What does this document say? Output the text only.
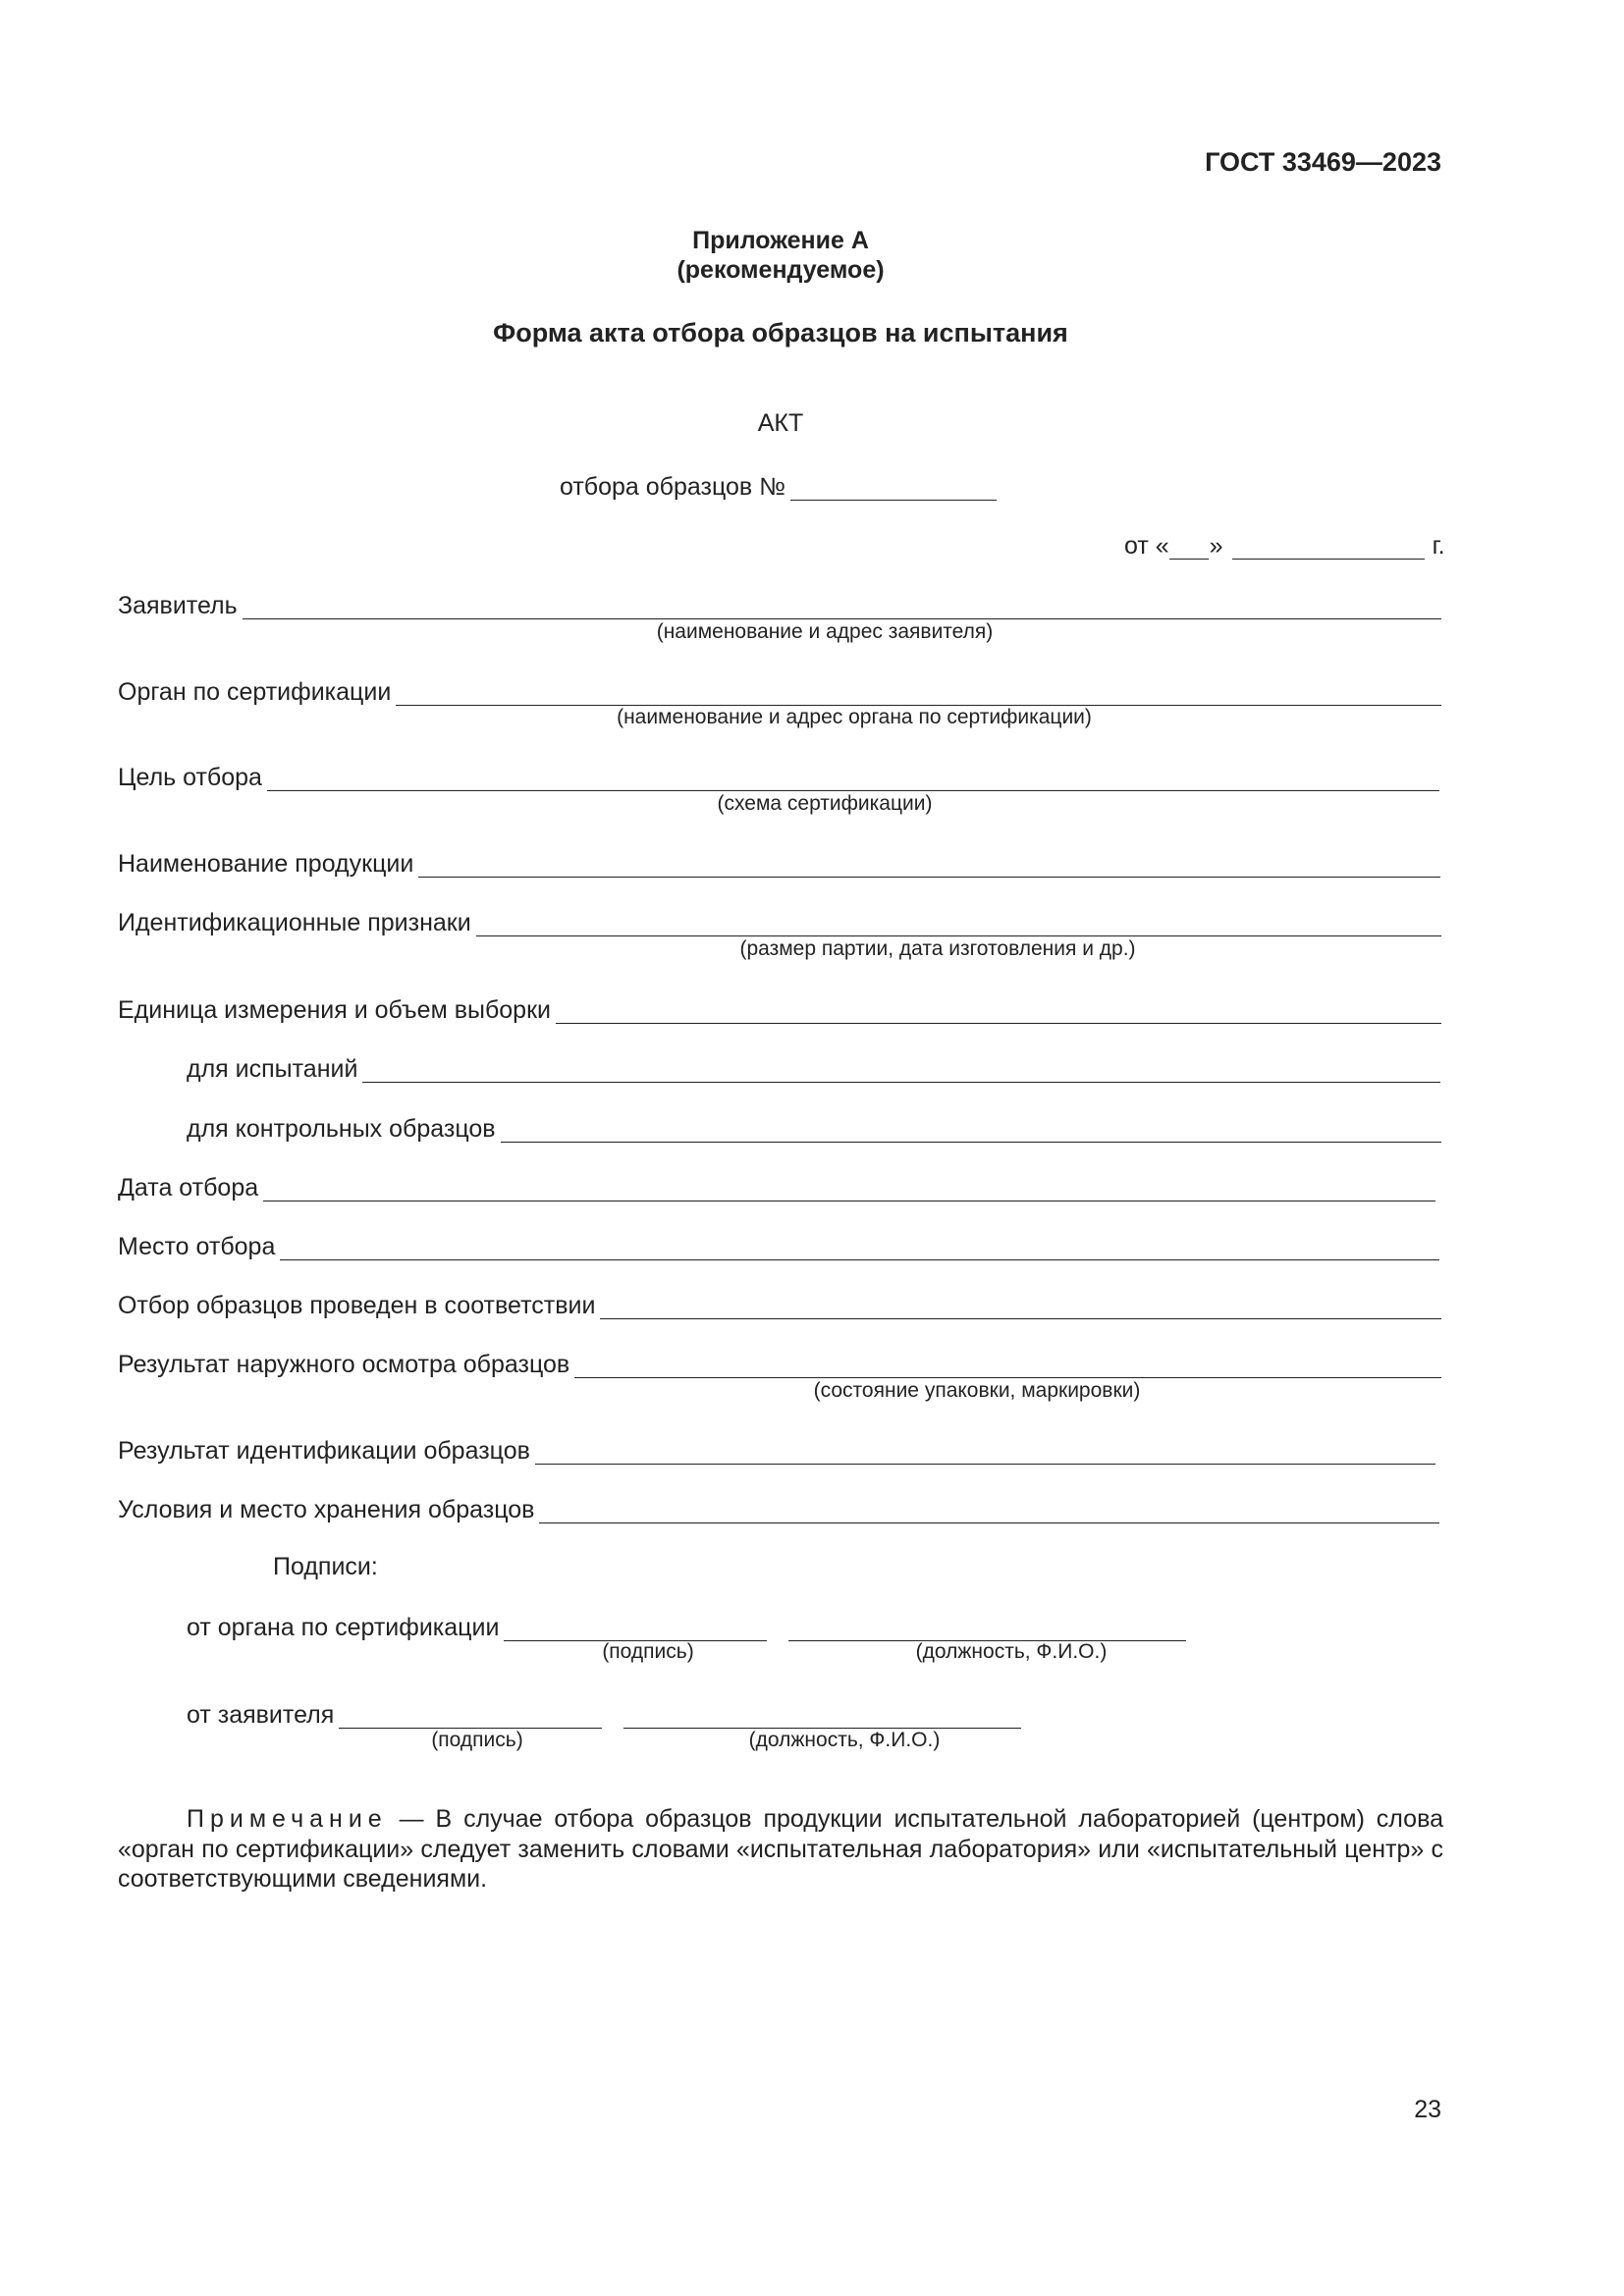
ГОСТ 33469—2023
Приложение А
(рекомендуемое)
Форма акта отбора образцов на испытания
АКТ
отбора образцов №
от « »	г.
Заявитель
(наименование и адрес заявителя)
Орган по сертификации
(наименование и адрес органа по сертификации)
Цель отбора
(схема сертификации)
Наименование продукции
Идентификационные признаки
(размер партии, дата изготовления и др.)
Единица измерения и объем выборки
для испытаний
для контрольных образцов
Дата отбора
Место отбора
Отбор образцов проведен в соответствии
Результат наружного осмотра образцов
(состояние упаковки, маркировки)
Результат идентификации образцов
Условия и место хранения образцов
Подписи:
от органа по сертификации
(подпись)	(должность, Ф.И.О.)
от заявителя
(подпись)	(должность, Ф.И.О.)
Примечание — В случае отбора образцов продукции испытательной лабораторией (центром) слова «орган по сертификации» следует заменить словами «испытательная лаборатория» или «испытательный центр» с соответствующими сведениями.
23
